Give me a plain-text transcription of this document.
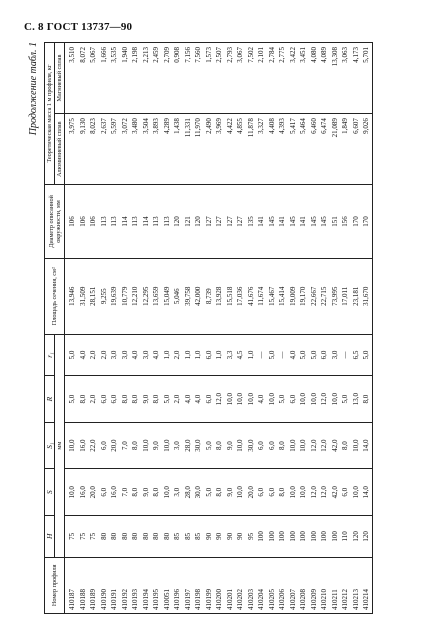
С. 8 ГОСТ 13737—90
Продолжение табл. 1
Номер профиля	H	S	S₁	R	r₁	Площадь сечения, см²	Диаметр описанной окружности, мм	Теоретическая масса 1 м профиля, кг	
	мм							Алюминиевый сплав	Магниевый сплав

410187	75	10,0	10,0	5,0	5,0	13,946	106	3,975	3,510
410188	75	16,0	16,0	8,0	4,0	31,509	106	9,130	8,072
410189	75	20,0	22,0	2,0	2,0	28,151	106	8,023	5,067
410190	80	6,0	6,0	6,0	2,0	9,255	113	2,637	1,666
410191	80	16,0	20,0	6,0	3,0	19,639	113	5,597	3,535
410192	80	7,0	7,0	8,0	3,0	10,779	114	3,072	1,940
410193	80	8,0	8,0	8,0	4,0	12,210	113	3,480	2,198
410194	80	9,0	10,0	9,0	3,0	12,295	114	3,504	2,213
410195	80	8,0	9,0	8,0	4,0	13,659	113	3,893	2,459
410051	80	10,0	10,0	5,0	1,0	15,049	113	4,289	2,709
410196	85	3,0	3,0	2,0	2,0	5,046	120	1,438	0,908
410197	85	28,0	28,0	4,0	1,0	39,758	121	11,331	7,156
410198	85	30,0	30,0	4,0	1,0	42,000	120	11,970	7,560
410199	90	5,0	5,0	6,0	6,0	8,739	127	2,490	1,573
410200	90	8,0	8,0	12,0	1,0	13,928	127	3,969	2,507
410201	90	9,0	9,0	10,0	3,3	15,518	127	4,422	2,793
410202	90	10,0	10,0	10,0	4,5	17,036	127	4,855	3,067
410203	95	20,0	30,0	10,0	1,0	41,676	135	11,878	7,502
410204	100	6,0	6,0	4,0	—	11,674	141	3,327	2,101
410205	100	6,0	6,0	10,0	5,0	15,467	145	4,408	2,784
410206	100	8,0	8,0	5,0	—	15,414	141	4,393	2,775
410207	100	10,0	10,0	6,0	4,0	19,009	145	5,417	3,422
410208	100	10,0	10,0	10,0	5,0	19,170	141	5,464	3,451
410209	100	12,0	12,0	10,0	5,0	22,667	145	6,460	4,080
410210	100	12,0	12,0	12,0	6,0	22,715	145	6,474	4,089
410211	100	42,0	42,0	10,0	3,0	73,995	151	21,089	13,308
410212	110	6,0	8,0	5,0	—	17,011	156	1,849	3,063
410213	120	10,0	10,0	13,0	6,5	23,181	170	6,607	4,173
410214	120	14,0	14,0	8,0	5,0	31,670	170	9,026	5,701
